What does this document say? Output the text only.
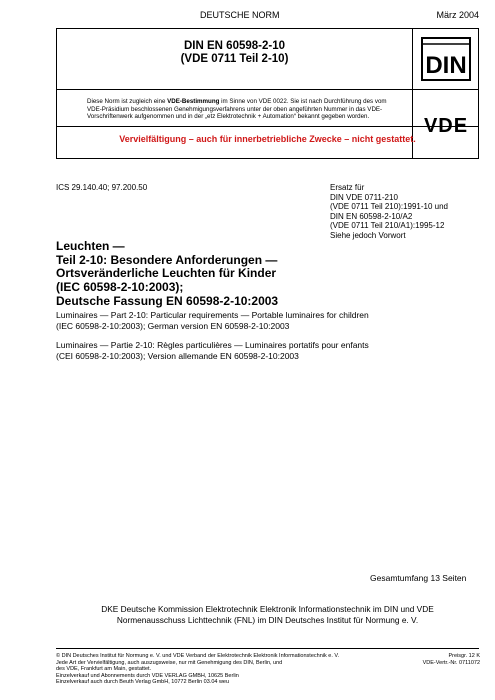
DEUTSCHE NORM	März 2004
DIN EN 60598-2-10
(VDE 0711 Teil 2-10)
Diese Norm ist zugleich eine VDE-Bestimmung im Sinne von VDE 0022. Sie ist nach Durchführung des vom VDE-Präsidium beschlossenen Genehmigungsverfahrens unter der oben angeführten Nummer in das VDE-Vorschriftenwerk aufgenommen und in der „etz Elektrotechnik + Automation“ bekannt gegeben worden.
DIN
VDE
Vervielfältigung – auch für innerbetriebliche Zwecke – nicht gestattet.
ICS 29.140.40; 97.200.50	Ersatz für
DIN VDE 0711-210
(VDE 0711 Teil 210):1991-10 und
DIN EN 60598-2-10/A2
(VDE 0711 Teil 210/A1):1995-12
Siehe jedoch Vorwort
Leuchten —
Teil 2-10: Besondere Anforderungen —
Ortsveränderliche Leuchten für Kinder
(IEC 60598-2-10:2003);
Deutsche Fassung EN 60598-2-10:2003
Luminaires — Part 2-10: Particular requirements — Portable luminaires for children
(IEC 60598-2-10:2003); German version EN 60598-2-10:2003
Luminaires — Partie 2-10: Règles particulières — Luminaires portatifs pour enfants
(CEI 60598-2-10:2003); Version allemande EN 60598-2-10:2003
Gesamtumfang 13 Seiten
DKE Deutsche Kommission Elektrotechnik Elektronik Informationstechnik im DIN und VDE
Normenausschuss Lichttechnik (FNL) im DIN Deutsches Institut für Normung e. V.
© DIN Deutsches Institut für Normung e. V. und VDE Verband der Elektrotechnik Elektronik Informationstechnik e. V.
Jede Art der Vervielfältigung, auch auszugsweise, nur mit Genehmigung des DIN, Berlin, und
des VDE, Frankfurt am Main, gestattet.
Einzelverkauf und Abonnements durch VDE VERLAG GMBH, 10625 Berlin
Einzelverkauf auch durch Beuth Verlag GmbH, 10772 Berlin 03.04 weu
Preisgr. 12 K
VDE-Vertr.-Nr. 0711072
